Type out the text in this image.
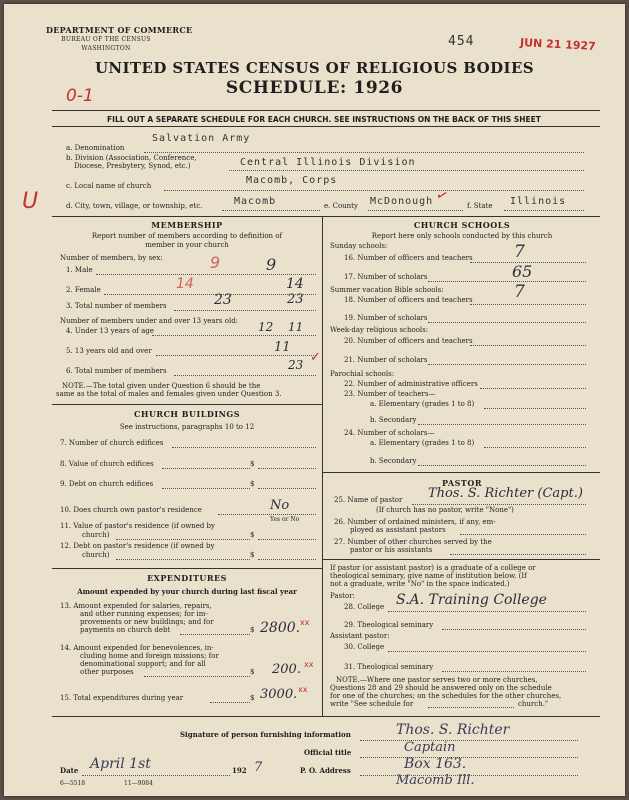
DEPARTMENT OF COMMERCE
BUREAU OF THE CENSUS
WASHINGTON	454	JUN 21 1927
UNITED STATES CENSUS OF RELIGIOUS BODIES
SCHEDULE: 1926
0-1
FILL OUT A SEPARATE SCHEDULE FOR EACH CHURCH. SEE INSTRUCTIONS ON THE BACK OF THIS SHEET
U
a. Denomination
Salvation Army
b. Division (Association, Conference,
Diocese, Presbytery, Synod, etc.)	Central Illinois Division
c. Local name of church	Macomb, Corps
d. City, town, village, or township, etc.	Macomb	e. County McDonough ✓
f. State Illinois
MEMBERSHIP
Report number of members according to definition of
member in your church
Number of members, by sex:
1. Male	9	9
2. Female	14	14
3. Total number of members	23	23
Number of members under and over 13 years old:
4. Under 13 years of age	12 11
5. 13 years old and over	11
6. Total number of members	23 ✓
NOTE.—The total given under Question 6 should be the
same as the total of males and females given under Question 3.
CHURCH BUILDINGS
See instructions, paragraphs 10 to 12
7. Number of church edifices
8. Value of church edifices	$
9. Debt on church edifices	$
10. Does church own pastor's residence	No
Yes or No
11. Value of pastor's residence (if owned by
church)	$
12. Debt on pastor's residence (if owned by
church)	$
EXPENDITURES
Amount expended by your church during last fiscal year
13. Amount expended for salaries, repairs,
and other running expenses; for im-
provements or new buildings; and for
payments on church debt	$ 2800. xx
14. Amount expended for benevolences, in-
cluding home and foreign missions; for
denominational support; and for all
other purposes	$ 200. xx
15. Total expenditures during year	$ 3000. xx
CHURCH SCHOOLS
Report here only schools conducted by this church
Sunday schools:
16. Number of officers and teachers 7
17. Number of scholars	65
Summer vacation Bible schools:
18. Number of officers and teachers 7
19. Number of scholars
Week-day religious schools:
20. Number of officers and teachers
21. Number of scholars
Parochial schools:
22. Number of administrative officers
23. Number of teachers—
a. Elementary (grades 1 to 8)
b. Secondary
24. Number of scholars—
a. Elementary (grades 1 to 8)
b. Secondary
PASTOR
25. Name of pastor Thos. S. Richter (Capt.)
(If church has no pastor, write "None")
26. Number of ordained ministers, if any, em-
ployed as assistant pastors
27. Number of other churches served by the
pastor or his assistants
If pastor (or assistant pastor) is a graduate of a college or
theological seminary, give name of institution below. (If
not a graduate, write "No" in the space indicated.)
Pastor:
28. College S.A. Training College
29. Theological seminary
Assistant pastor:
30. College
31. Theological seminary
NOTE.—Where one pastor serves two or more churches,
Questions 28 and 29 should be answered only on the schedule
for one of the churches; on the schedules for the other churches,
write "See schedule for	church."
Signature of person furnishing information	Thos. S. Richter
Official title	Captain
Date April 1st	192 7	P. O. Address	Box 163.
Macomb Ill.
6—5518	11—9084
